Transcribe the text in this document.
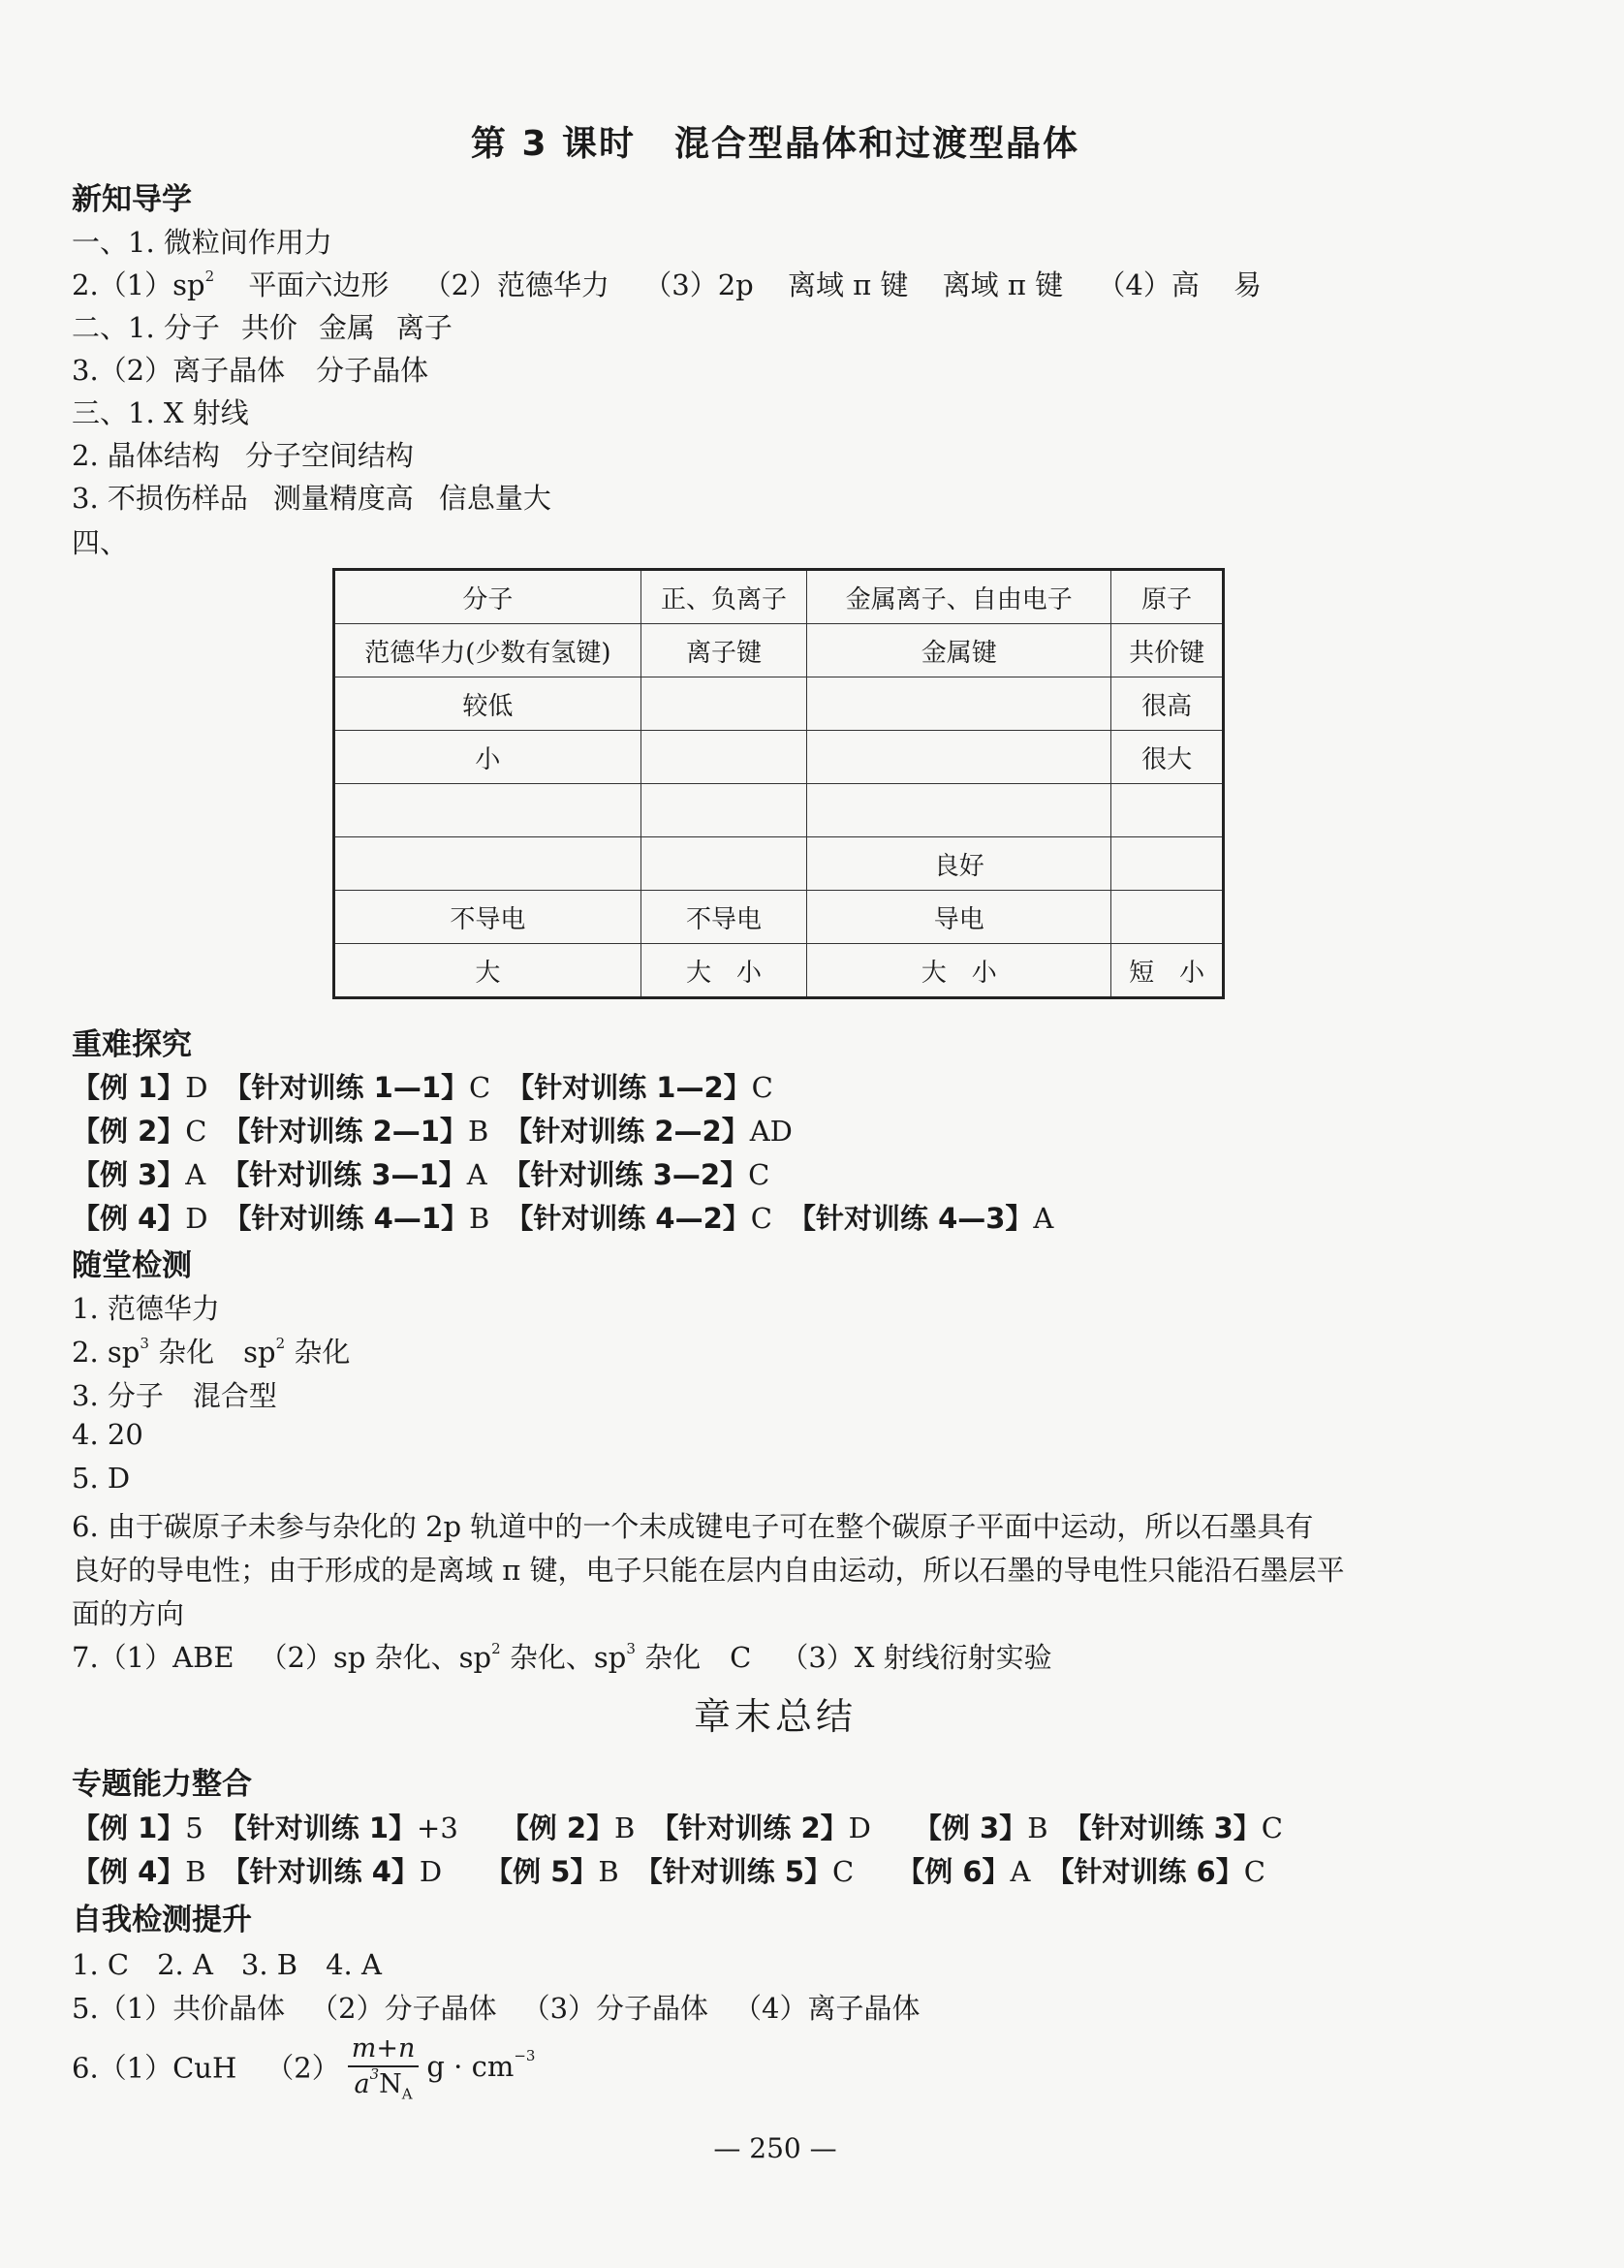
第 3 课时 混合型晶体和过渡型晶体
新知导学
一、1. 微粒间作用力
$2.(1)sp^2$ 平面六边形 （2）范德华力 （3）2p 离域 π 键 离域 π 键 （4）高 易
二、1. 分子 共价 金属 离子
3.（2）离子晶体 分子晶体
三、1. X 射线
2. 晶体结构 分子空间结构
3. 不损伤样品 测量精度高 信息量大
四、
分子	正、负离子	金属离子、自由电子	原子
范德华力(少数有氢键)	离子键	金属键	共价键
较低			很高
小			很大

		良好	
不导电	不导电	导电	
大	大　小	大　小	短　小
重难探究
【例 1】D 【针对训练 1—1】C 【针对训练 1—2】C
【例 2】C 【针对训练 2—1】B 【针对训练 2—2】AD
【例 3】A 【针对训练 3—1】A 【针对训练 3—2】C
【例 4】D 【针对训练 4—1】B 【针对训练 4—2】C 【针对训练 4—3】A
随堂检测
1. 范德华力
2. $sp^3$ 杂化 $sp^2$ 杂化
3. 分子 混合型
4. 20
5. D
6. 由于碳原子未参与杂化的 2p 轨道中的一个未成键电子可在整个碳原子平面中运动，所以石墨具有
良好的导电性；由于形成的是离域 π 键，电子只能在层内自由运动，所以石墨的导电性只能沿石墨层平
面的方向
7.（1）ABE （2）sp 杂化、$sp^2$ 杂化、$sp^3$ 杂化 C （3）X 射线衍射实验
章末总结
专题能力整合
【例 1】5 【针对训练 1】+3 【例 2】B 【针对训练 2】D 【例 3】B 【针对训练 3】C
【例 4】B 【针对训练 4】D 【例 5】B 【针对训练 5】C 【例 6】A 【针对训练 6】C
自我检测提升
1. C　2. A　3. B　4. A
5.（1）共价晶体 （2）分子晶体 （3）分子晶体 （4）离子晶体
6.（1）CuH $(2) \frac{m+n}{a^3N_A}$ $g \cdot cm^{-3}$
— 250 —
